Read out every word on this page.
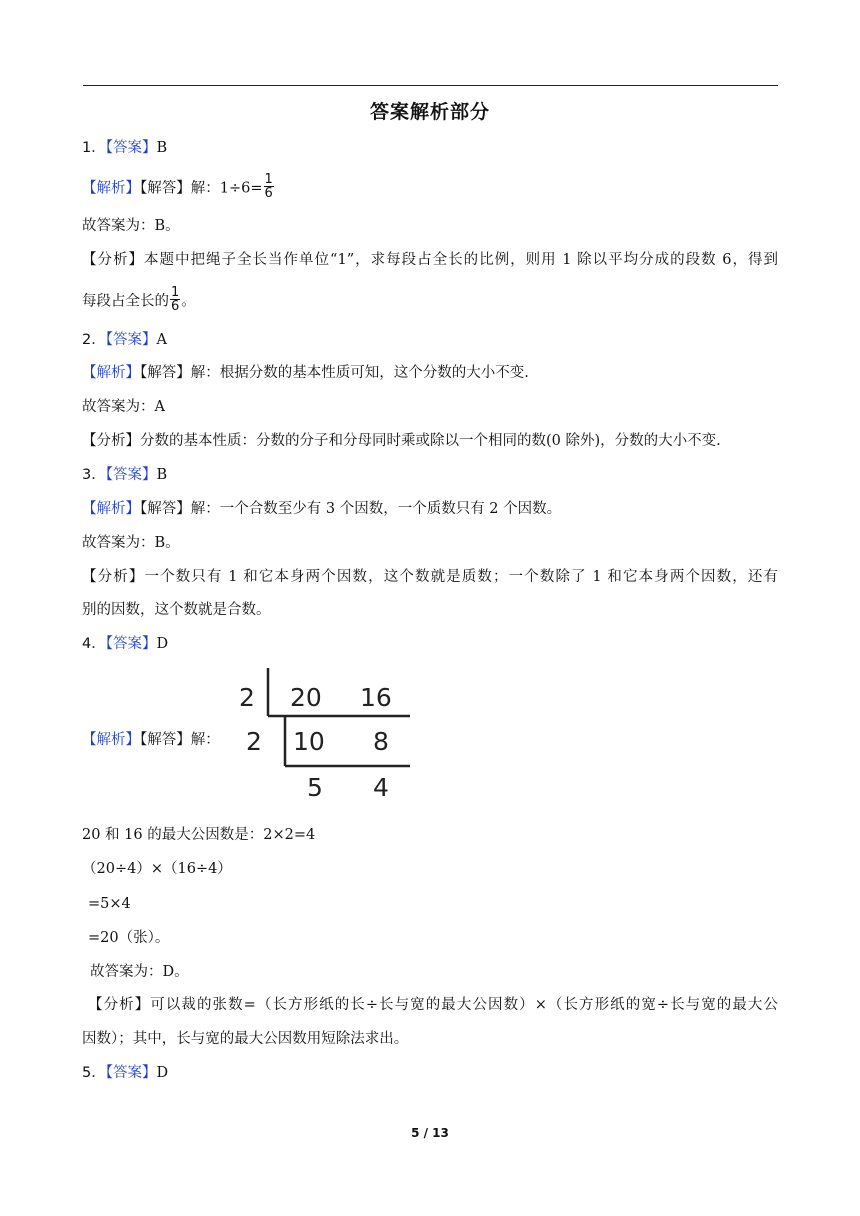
答案解析部分
1．【答案】B
【解析】【解答】解：$1\div 6= \frac{1}{6}$
故答案为：B。
【分析】本题中把绳子全长当作单位“1”，求每段占全长的比例，则用 1 除以平均分成的段数 6，得到
每段占全长的 $\frac{1}{6}$ 。
2．【答案】A
【解析】【解答】解：根据分数的基本性质可知，这个分数的大小不变.
故答案为：A
【分析】分数的基本性质：分数的分子和分母同时乘或除以一个相同的数(0 除外)，分数的大小不变.
3．【答案】B
【解析】【解答】解：一个合数至少有 3 个因数，一个质数只有 2 个因数。
故答案为：B。
【分析】一个数只有 1 和它本身两个因数，这个数就是质数；一个数除了 1 和它本身两个因数，还有
别的因数，这个数就是合数。
4．【答案】D
【解析】【解答】解：
2 20 16
2 10 8
5 4
20 和 16 的最大公因数是：2×2=4
（20÷4）×（16÷4）
=5×4
=20（张）。
故答案为：D。
【分析】可以裁的张数=（长方形纸的长÷长与宽的最大公因数）×（长方形纸的宽÷长与宽的最大公
因数）；其中，长与宽的最大公因数用短除法求出。
5．【答案】D
5 / 13
